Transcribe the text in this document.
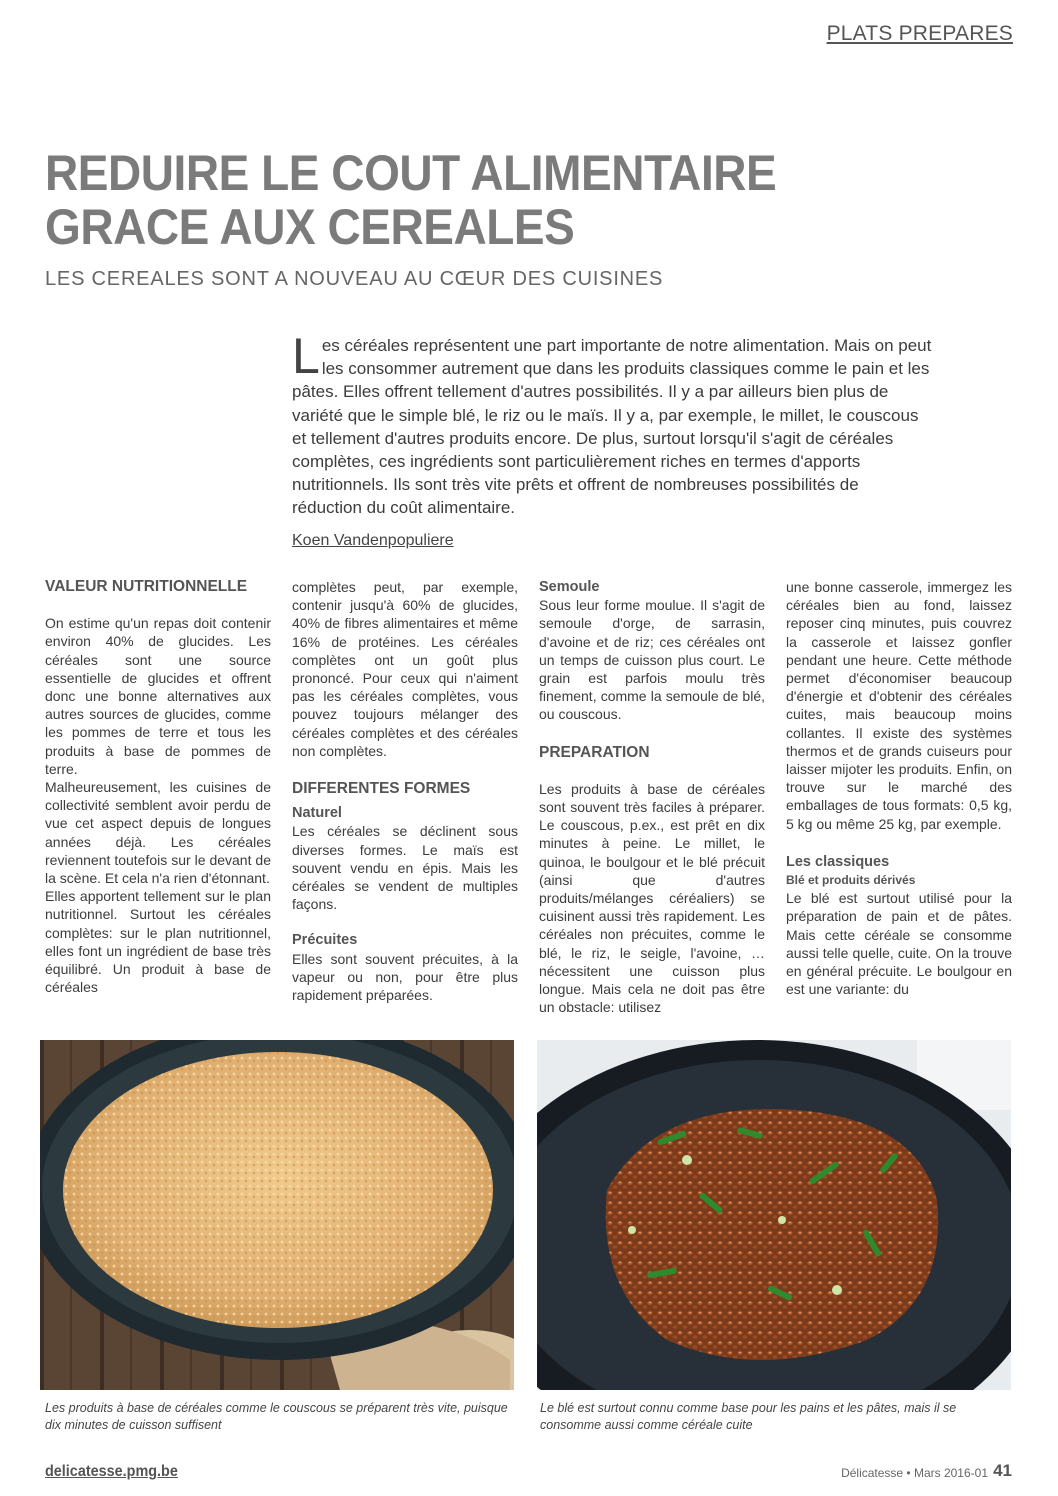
PLATS PREPARES
REDUIRE LE COUT ALIMENTAIRE
GRACE AUX CEREALES
LES CEREALES SONT A NOUVEAU AU CŒUR DES CUISINES
Les céréales représentent une part importante de notre alimentation. Mais on peut les consommer autrement que dans les produits classiques comme le pain et les pâtes. Elles offrent tellement d'autres possibilités. Il y a par ailleurs bien plus de variété que le simple blé, le riz ou le maïs. Il y a, par exemple, le millet, le couscous et tellement d'autres produits encore. De plus, surtout lorsqu'il s'agit de céréales complètes, ces ingrédients sont particulièrement riches en termes d'apports nutritionnels. Ils sont très vite prêts et offrent de nombreuses possibilités de réduction du coût alimentaire.
Koen Vandenpopuliere
VALEUR NUTRITIONNELLE

On estime qu'un repas doit contenir environ 40% de glucides. Les céréales sont une source essentielle de glucides et offrent donc une bonne alternatives aux autres sources de glucides, comme les pommes de terre et tous les produits à base de pommes de terre.

Malheureusement, les cuisines de collectivité semblent avoir perdu de vue cet aspect depuis de longues années déjà. Les céréales reviennent toutefois sur le devant de la scène. Et cela n'a rien d'étonnant.

Elles apportent tellement sur le plan nutritionnel. Surtout les céréales complètes: sur le plan nutritionnel, elles font un ingrédient de base très équilibré. Un produit à base de céréales

complètes peut, par exemple, contenir jusqu'à 60% de glucides, 40% de fibres alimentaires et même 16% de protéines. Les céréales complètes ont un goût plus prononcé. Pour ceux qui n'aiment pas les céréales complètes, vous pouvez toujours mélanger des céréales complètes et des céréales non complètes.

DIFFERENTES FORMES
Naturel

Les céréales se déclinent sous diverses formes. Le maïs est souvent vendu en épis. Mais les céréales se vendent de multiples façons.

Précuites

Elles sont souvent précuites, à la vapeur ou non, pour être plus rapidement préparées.

Semoule

Sous leur forme moulue. Il s'agit de semoule d'orge, de sarrasin, d'avoine et de riz; ces céréales ont un temps de cuisson plus court. Le grain est parfois moulu très finement, comme la semoule de blé, ou couscous.

PREPARATION

Les produits à base de céréales sont souvent très faciles à préparer. Le couscous, p.ex., est prêt en dix minutes à peine. Le millet, le quinoa, le boulgour et le blé précuit (ainsi que d'autres produits/mélanges céréaliers) se cuisinent aussi très rapidement. Les céréales non précuites, comme le blé, le riz, le seigle, l'avoine, … nécessitent une cuisson plus longue. Mais cela ne doit pas être un obstacle: utilisez

une bonne casserole, immergez les céréales bien au fond, laissez reposer cinq minutes, puis couvrez la casserole et laissez gonfler pendant une heure. Cette méthode permet d'économiser beaucoup d'énergie et d'obtenir des céréales cuites, mais beaucoup moins collantes. Il existe des systèmes thermos et de grands cuiseurs pour laisser mijoter les produits. Enfin, on trouve sur le marché des emballages de tous formats: 0,5 kg, 5 kg ou même 25 kg, par exemple.

Les classiques
Blé et produits dérivés

Le blé est surtout utilisé pour la préparation de pain et de pâtes. Mais cette céréale se consomme aussi telle quelle, cuite. On la trouve en général précuite. Le boulgour en est une variante: du

Les produits à base de céréales comme le couscous se préparent très vite, puisque dix minutes de cuisson suffisent
Le blé est surtout connu comme base pour les pains et les pâtes, mais il se consomme aussi comme céréale cuite
delicatesse.pmg.be	Délicatesse • Mars 2016-01 41
